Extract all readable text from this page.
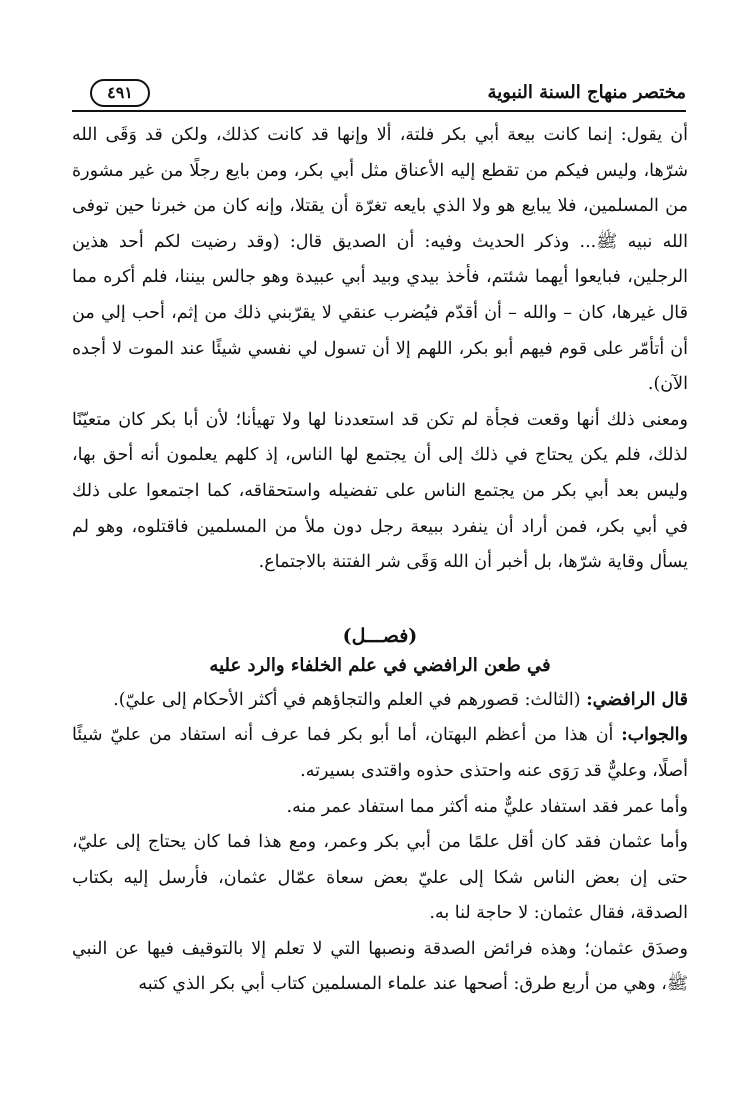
مختصر منهاج السنة النبوية
٤٩١

أن يقول: إنما كانت بيعة أبي بكر فلتة، ألا وإنها قد كانت كذلك، ولكن قد وَقَى الله شرّها، وليس فيكم من تقطع إليه الأعناق مثل أبي بكر، ومن بايع رجلًا من غير مشورة من المسلمين، فلا يبايع هو ولا الذي بايعه تغرّة أن يقتلا، وإنه كان من خبرنا حين توفى الله نبيه ﷺ... وذكر الحديث وفيه: أن الصديق قال: (وقد رضيت لكم أحد هذين الرجلين، فبايعوا أيهما شئتم، فأخذ بيدي وبيد أبي عبيدة وهو جالس بيننا، فلم أكره مما قال غيرها، كان – والله – أن أقدّم فيُضرب عنقي لا يقرّبني ذلك من إثم، أحب إلي من أن أتأمّر على قوم فيهم أبو بكر، اللهم إلا أن تسول لي نفسي شيئًا عند الموت لا أجده الآن).

ومعنى ذلك أنها وقعت فجأة لم تكن قد استعددنا لها ولا تهيأنا؛ لأن أبا بكر كان متعيّنًا لذلك، فلم يكن يحتاج في ذلك إلى أن يجتمع لها الناس، إذ كلهم يعلمون أنه أحق بها، وليس بعد أبي بكر من يجتمع الناس على تفضيله واستحقاقه، كما اجتمعوا على ذلك في أبي بكر، فمن أراد أن ينفرد ببيعة رجل دون ملأ من المسلمين فاقتلوه، وهو لم يسأل وقاية شرّها، بل أخبر أن الله وَقَى شر الفتنة بالاجتماع.

(فصـــل)

في طعن الرافضي في علم الخلفاء والرد عليه

قال الرافضي: (الثالث: قصورهم في العلم والتجاؤهم في أكثر الأحكام إلى عليّ).

والجواب: أن هذا من أعظم البهتان، أما أبو بكر فما عرف أنه استفاد من عليّ شيئًا أصلًا، وعليٌّ قد رَوَى عنه واحتذى حذوه واقتدى بسيرته.

وأما عمر فقد استفاد عليٌّ منه أكثر مما استفاد عمر منه.

وأما عثمان فقد كان أقل علمًا من أبي بكر وعمر، ومع هذا فما كان يحتاج إلى عليّ، حتى إن بعض الناس شكا إلى عليّ بعض سعاة عمّال عثمان، فأرسل إليه بكتاب الصدقة، فقال عثمان: لا حاجة لنا به.

وصدَق عثمان؛ وهذه فرائض الصدقة ونصبها التي لا تعلم إلا بالتوقيف فيها عن النبي ﷺ، وهي من أربع طرق: أصحها عند علماء المسلمين كتاب أبي بكر الذي كتبه
